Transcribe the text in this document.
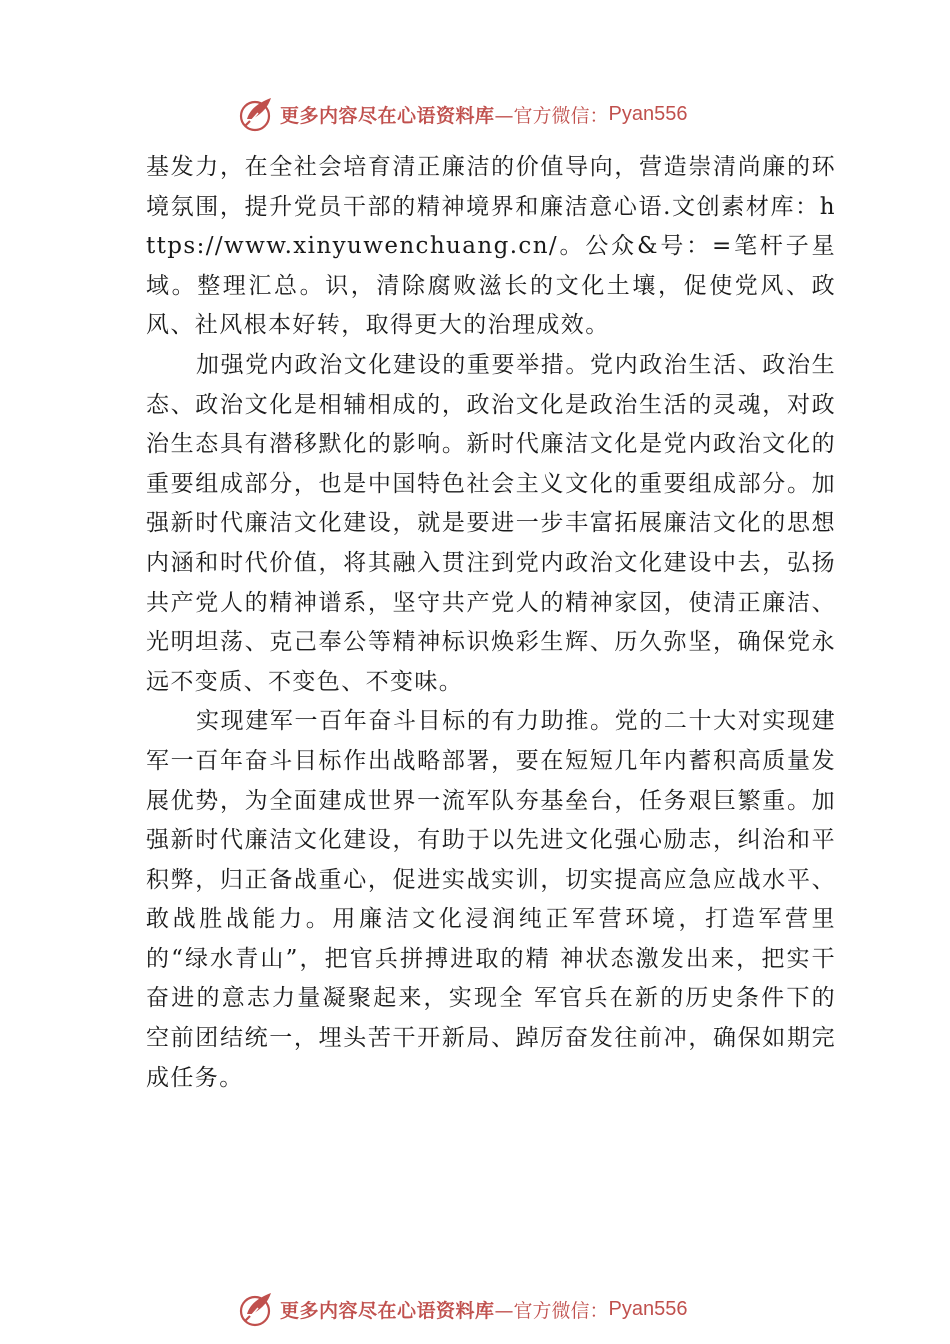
更多内容尽在心语资料库 —官方微信： Pyan556

基发力，在全社会培育清正廉洁的价值导向，营造崇清尚廉的环境氛围，提升党员干部的精神境界和廉洁意心语.文创素材库：https://www.xinyuwenchuang.cn/。公众&号：=笔杆子星域。整理汇总。识，清除腐败滋长的文化土壤，促使党风、政风、社风根本好转，取得更大的治理成效。

加强党内政治文化建设的重要举措。党内政治生活、政治生态、政治文化是相辅相成的，政治文化是政治生活的灵魂，对政治生态具有潜移默化的影响。新时代廉洁文化是党内政治文化的重要组成部分，也是中国特色社会主义文化的重要组成部分。加强新时代廉洁文化建设，就是要进一步丰富拓展廉洁文化的思想内涵和时代价值，将其融入贯注到党内政治文化建设中去，弘扬共产党人的精神谱系，坚守共产党人的精神家㘝，使清正廉洁、光明坦荡、克己奉公等精神标识焕彩生辉、历久弥坚，确保党永远不变质、不变色、不变味。

实现建军一百年奋斗目标的有力助推。党的二十大对实现建军一百年奋斗目标作出战略部署，要在短短几年内蓄积高质量发展优势，为全面建成世界一流军队夯基垒台，任务艰巨繁重。加强新时代廉洁文化建设，有助于以先进文化强心励志，纠治和平积弊，归正备战重心，促进实战实训，切实提高应急应战水平、敢战胜战能力。用廉洁文化浸润纯正军营环境，打造军营里的“绿水青山”，把官兵拼搏进取的精 神状态激发出来，把实干奋进的意志力量凝聚起来，实现全 军官兵在新的历史条件下的空前团结统一，埋头苦干开新局、踔厉奋发往前冲，确保如期完成任务。

更多内容尽在心语资料库 —官方微信： Pyan556
